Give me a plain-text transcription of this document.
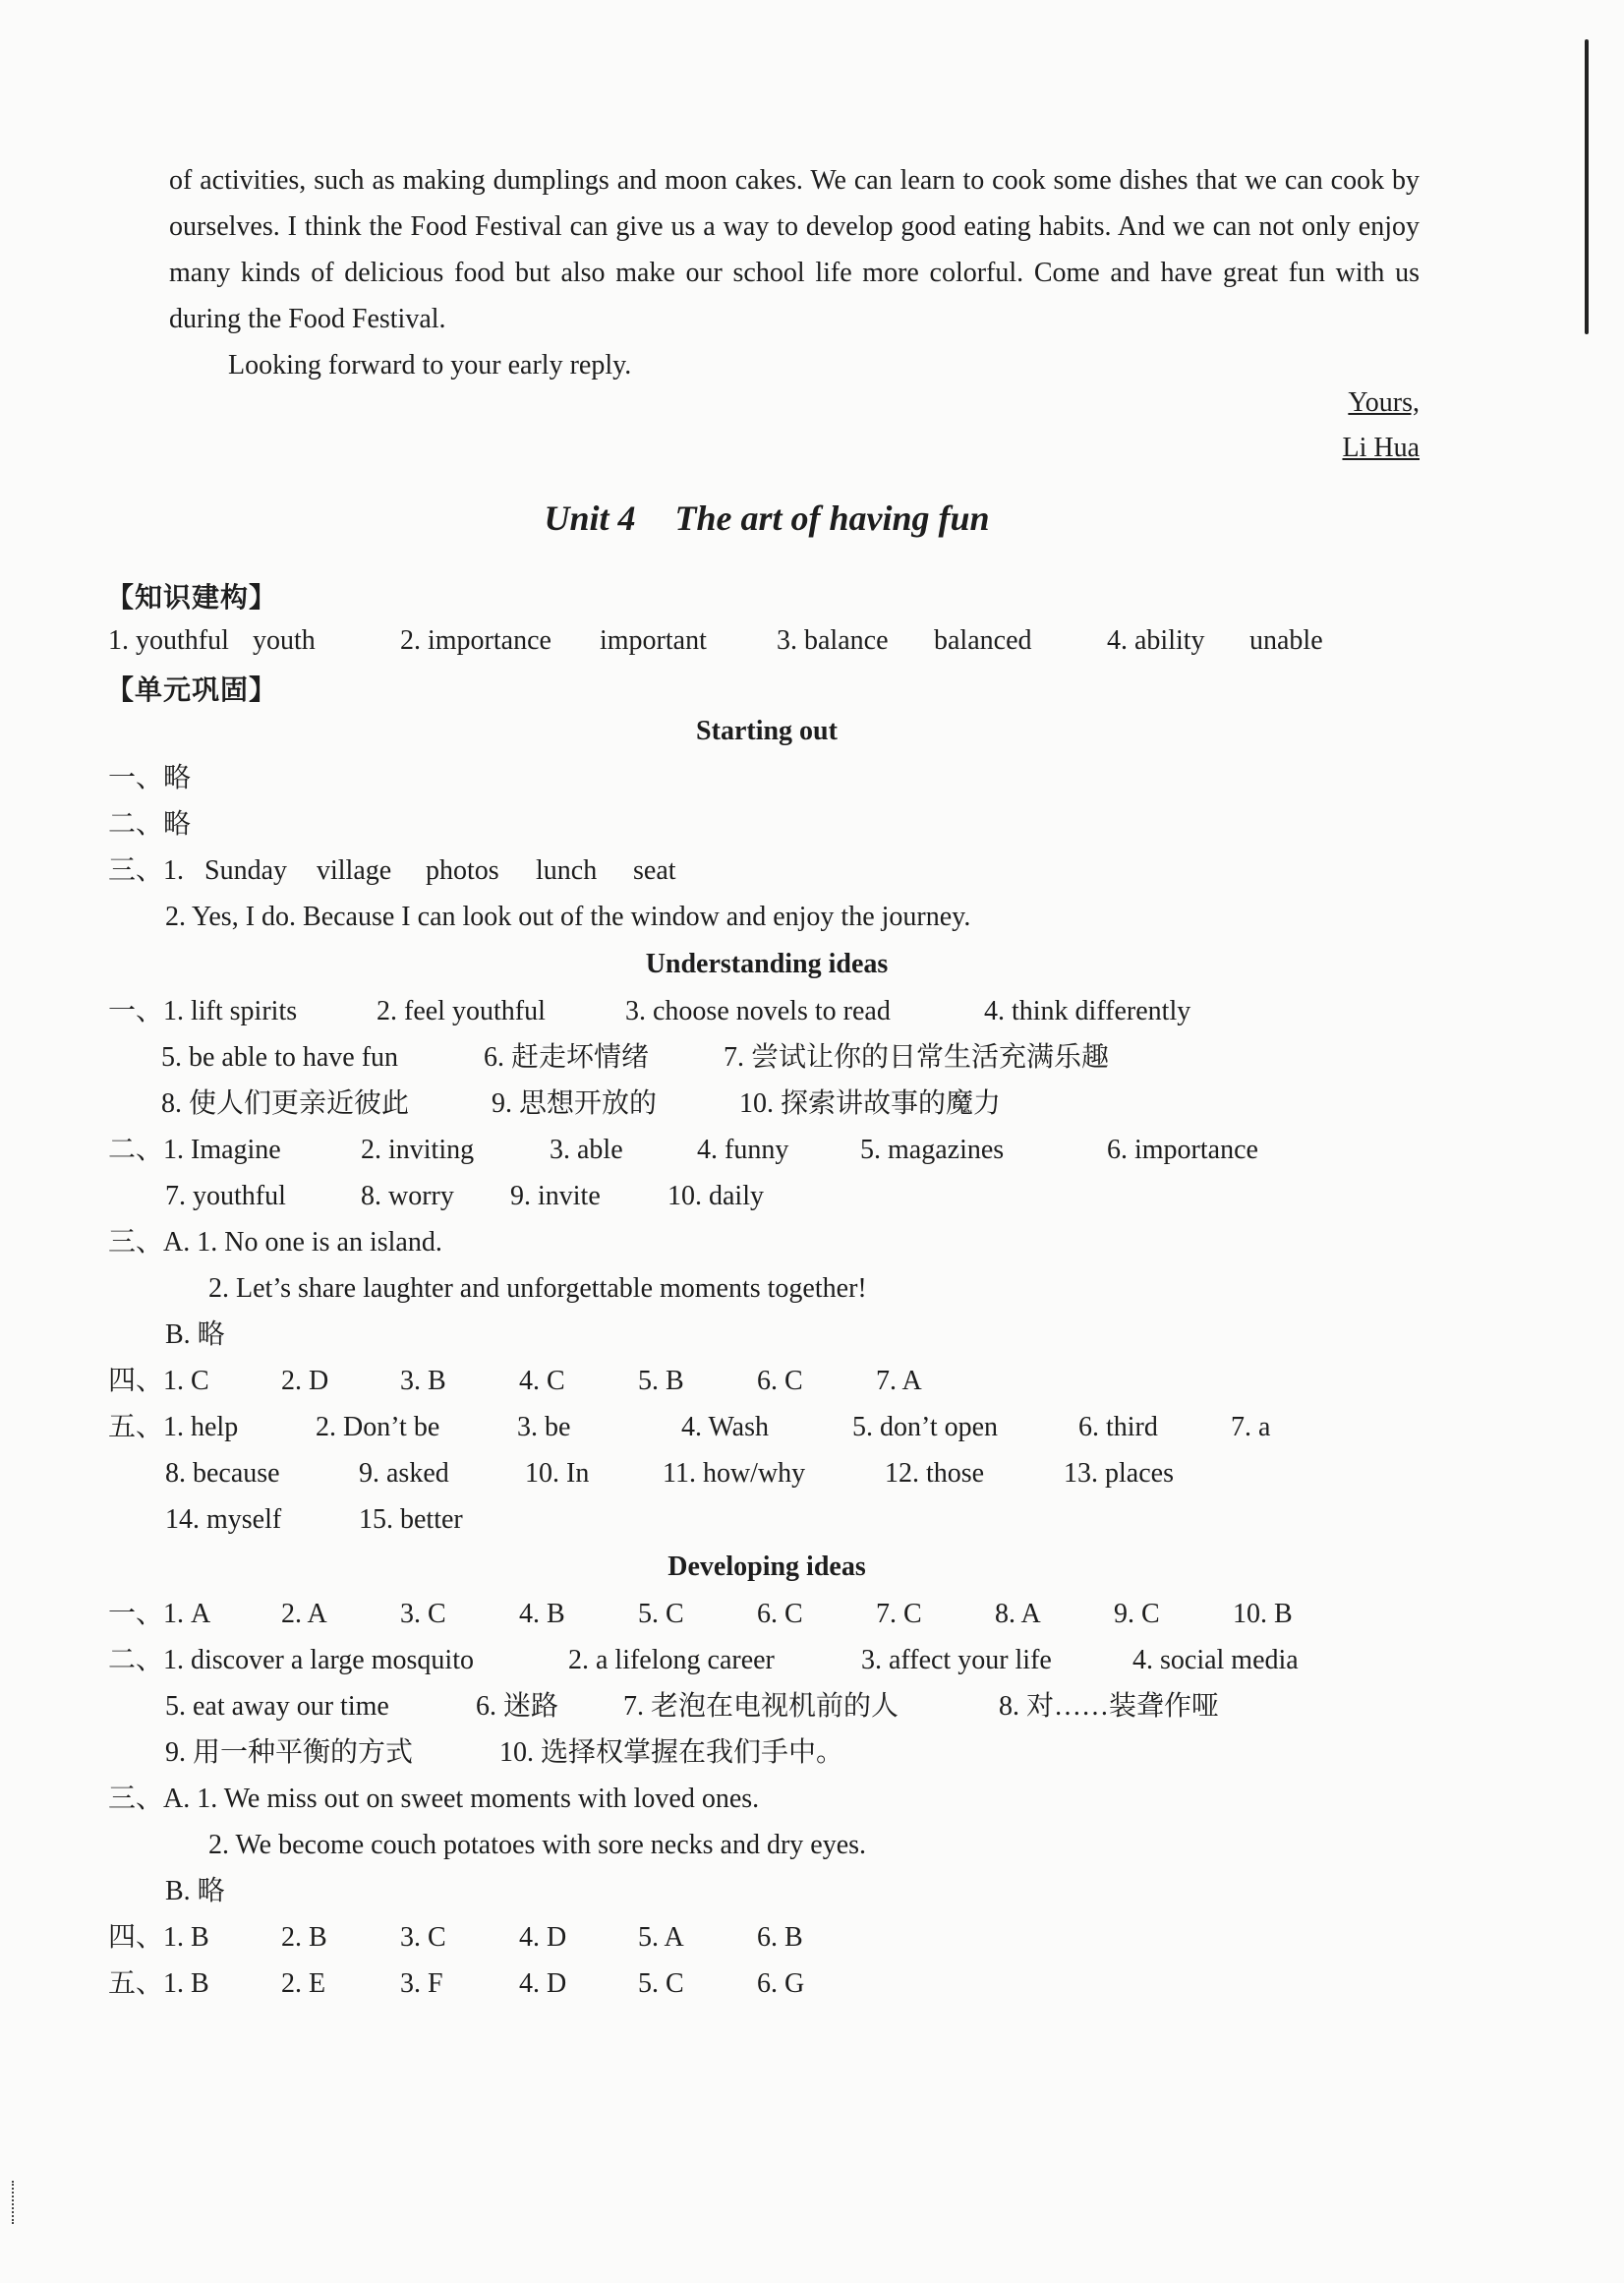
of activities, such as making dumplings and moon cakes. We can learn to cook some dishes that we can cook by ourselves. I think the Food Festival can give us a way to develop good eating habits. And we can not only enjoy many kinds of delicious food but also make our school life more colorful. Come and have great fun with us during the Food Festival.

Looking forward to your early reply.

Yours,
Li Hua
Unit 4 The art of having fun
【知识建构】
1. youthful youth	2. importance important	3. balance balanced	4. ability unable
【单元巩固】
Starting out
一、略
二、略
三、1. Sunday village photos lunch seat
2. Yes, I do. Because I can look out of the window and enjoy the journey.
Understanding ideas
一、1. lift spirits	2. feel youthful	3. choose novels to read	4. think differently
5. be able to have fun	6. 赶走坏情绪	7. 尝试让你的日常生活充满乐趣
8. 使人们更亲近彼此	9. 思想开放的	10. 探索讲故事的魔力
二、1. Imagine	2. inviting	3. able	4. funny	5. magazines	6. importance
7. youthful	8. worry 9. invite 10. daily
三、A. 1. No one is an island.
2. Let’s share laughter and unforgettable moments together!
B. 略
四、1. C	2. D	3. B	4. C	5. B	6. C	7. A
五、1. help	2. Don’t be	3. be	4. Wash	5. don’t open	6. third	7. a
8. because	9. asked	10. In	11. how/why	12. those	13. places
14. myself	15. better
Developing ideas
一、1. A	2. A	3. C	4. B	5. C	6. C	7. C	8. A	9. C	10. B
二、1. discover a large mosquito	2. a lifelong career	3. affect your life	4. social media
5. eat away our time	6. 迷路 7. 老泡在电视机前的人	8. 对……装聋作哑
9. 用一种平衡的方式	10. 选择权掌握在我们手中。
三、A. 1. We miss out on sweet moments with loved ones.
2. We become couch potatoes with sore necks and dry eyes.
B. 略
四、1. B	2. B	3. C	4. D	5. A	6. B
五、1. B	2. E	3. F	4. D	5. C	6. G
